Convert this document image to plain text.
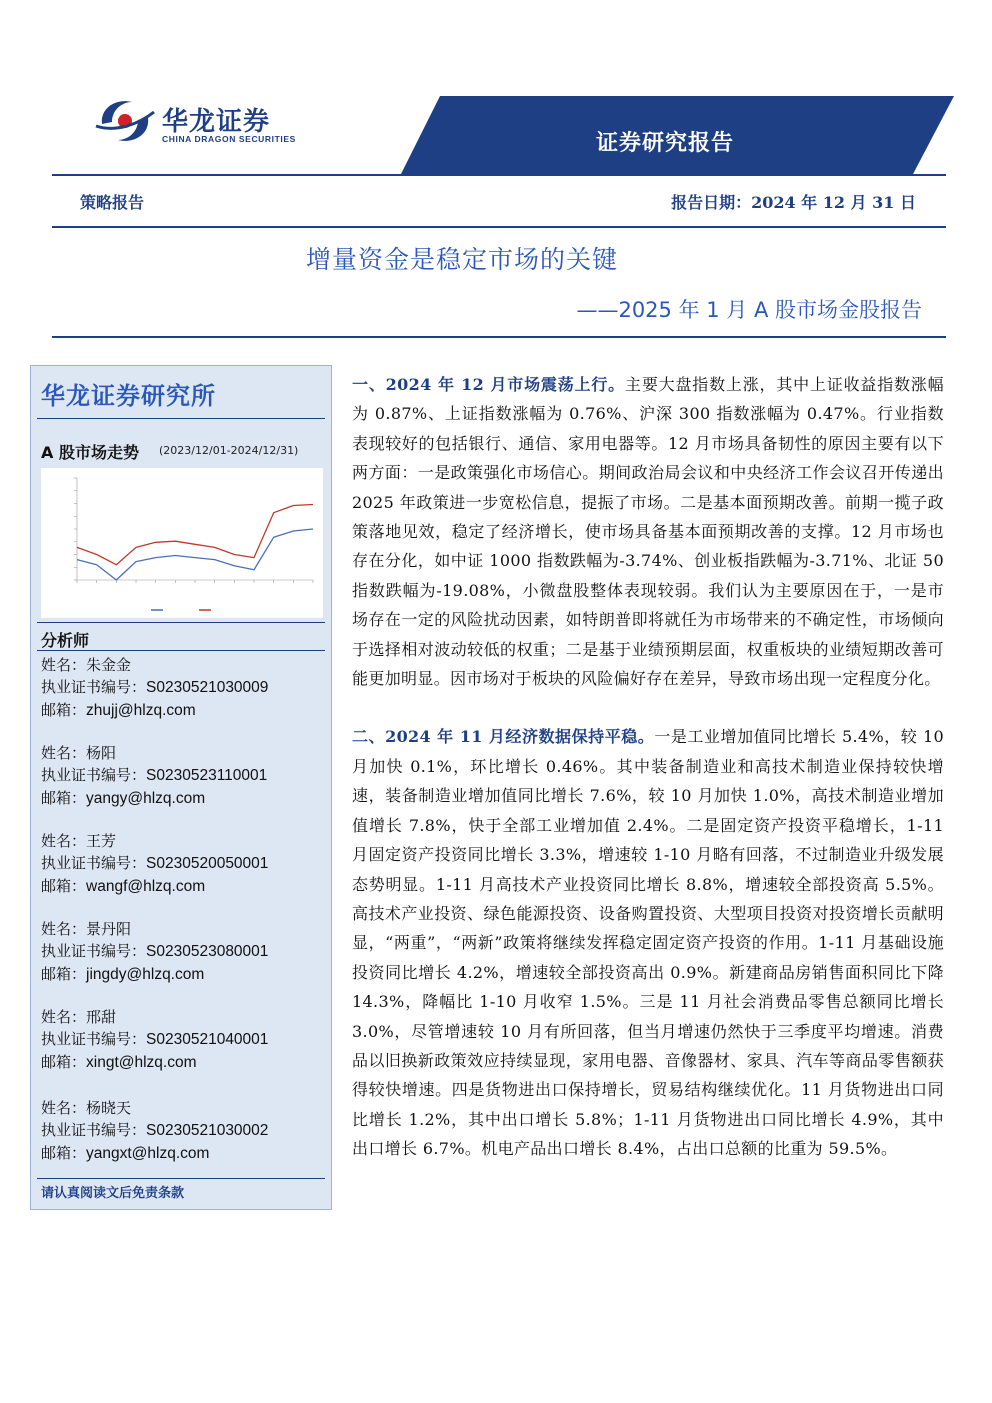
华龙证券
CHINA DRAGON SECURITIES	证券研究报告
策略报告	报告日期：2024 年 12 月 31 日
增量资金是稳定市场的关键
——2025 年 1 月 A 股市场金股报告
华龙证券研究所
A 股市场走势 (2023/12/01-2024/12/31)
分析师
姓名：朱金金
执业证书编号：S0230521030009
邮箱：zhujj@hlzq.com
姓名：杨阳
执业证书编号：S0230523110001
邮箱：yangy@hlzq.com
姓名：王芳
执业证书编号：S0230520050001
邮箱：wangf@hlzq.com
姓名：景丹阳
执业证书编号：S0230523080001
邮箱：jingdy@hlzq.com
姓名：邢甜
执业证书编号：S0230521040001
邮箱：xingt@hlzq.com
姓名：杨晓天
执业证书编号：S0230521030002
邮箱：yangxt@hlzq.com
请认真阅读文后免责条款

一、2024 年 12 月市场震荡上行。主要大盘指数上涨，其中上证收益指数涨幅为 0.87%、上证指数涨幅为 0.76%、沪深 300 指数涨幅为 0.47%。行业指数表现较好的包括银行、通信、家用电器等。12 月市场具备韧性的原因主要有以下两方面：一是政策强化市场信心。期间政治局会议和中央经济工作会议召开传递出 2025 年政策进一步宽松信息，提振了市场。二是基本面预期改善。前期一揽子政策落地见效，稳定了经济增长，使市场具备基本面预期改善的支撑。12 月市场也存在分化，如中证 1000 指数跌幅为-3.74%、创业板指跌幅为-3.71%、北证 50 指数跌幅为-19.08%，小微盘股整体表现较弱。我们认为主要原因在于，一是市场存在一定的风险扰动因素，如特朗普即将就任为市场带来的不确定性，市场倾向于选择相对波动较低的权重；二是基于业绩预期层面，权重板块的业绩短期改善可能更加明显。因市场对于板块的风险偏好存在差异，导致市场出现一定程度分化。

二、2024 年 11 月经济数据保持平稳。一是工业增加值同比增长 5.4%，较 10 月加快 0.1%，环比增长 0.46%。其中装备制造业和高技术制造业保持较快增速，装备制造业增加值同比增长 7.6%，较 10 月加快 1.0%，高技术制造业增加值增长 7.8%，快于全部工业增加值 2.4%。二是固定资产投资平稳增长，1-11 月固定资产投资同比增长 3.3%，增速较 1-10 月略有回落，不过制造业升级发展态势明显。1-11 月高技术产业投资同比增长 8.8%，增速较全部投资高 5.5%。高技术产业投资、绿色能源投资、设备购置投资、大型项目投资对投资增长贡献明显，“两重”，“两新”政策将继续发挥稳定固定资产投资的作用。1-11 月基础设施投资同比增长 4.2%，增速较全部投资高出 0.9%。新建商品房销售面积同比下降 14.3%，降幅比 1-10 月收窄 1.5%。三是 11 月社会消费品零售总额同比增长 3.0%，尽管增速较 10 月有所回落，但当月增速仍然快于三季度平均增速。消费品以旧换新政策效应持续显现，家用电器、音像器材、家具、汽车等商品零售额获得较快增速。四是货物进出口保持增长，贸易结构继续优化。11 月货物进出口同比增长 1.2%，其中出口增长 5.8%；1-11 月货物进出口同比增长 4.9%，其中出口增长 6.7%。机电产品出口增长 8.4%，占出口总额的比重为 59.5%。
